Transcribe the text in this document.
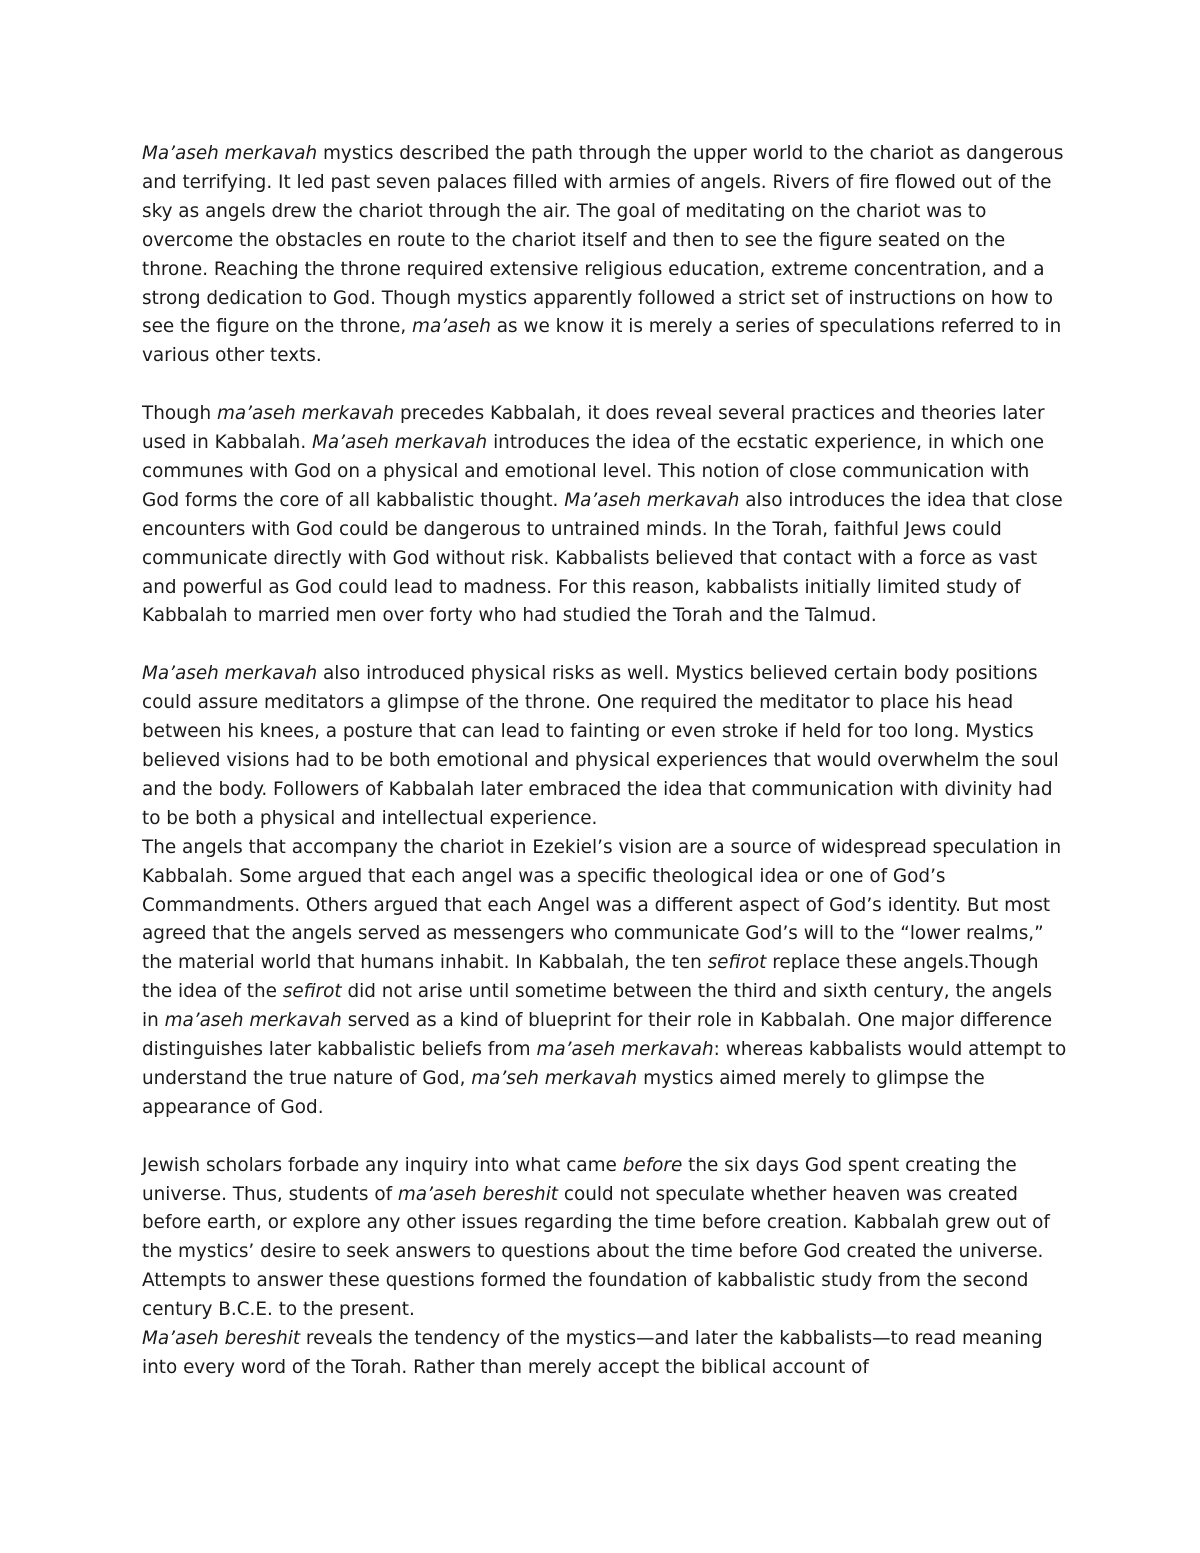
Ma’aseh merkavah mystics described the path through the upper world to the chariot as dangerous and terrifying. It led past seven palaces filled with armies of angels. Rivers of fire flowed out of the sky as angels drew the chariot through the air. The goal of meditating on the chariot was to overcome the obstacles en route to the chariot itself and then to see the figure seated on the throne. Reaching the throne required extensive religious education, extreme concentration, and a strong dedication to God. Though mystics apparently followed a strict set of instructions on how to see the figure on the throne, ma’aseh as we know it is merely a series of speculations referred to in various other texts.

Though ma’aseh merkavah precedes Kabbalah, it does reveal several practices and theories later used in Kabbalah. Ma’aseh merkavah introduces the idea of the ecstatic experience, in which one communes with God on a physical and emotional level. This notion of close communication with God forms the core of all kabbalistic thought. Ma’aseh merkavah also introduces the idea that close encounters with God could be dangerous to untrained minds. In the Torah, faithful Jews could communicate directly with God without risk. Kabbalists believed that contact with a force as vast and powerful as God could lead to madness. For this reason, kabbalists initially limited study of Kabbalah to married men over forty who had studied the Torah and the Talmud.

Ma’aseh merkavah also introduced physical risks as well. Mystics believed certain body positions could assure meditators a glimpse of the throne. One required the meditator to place his head between his knees, a posture that can lead to fainting or even stroke if held for too long. Mystics believed visions had to be both emotional and physical experiences that would overwhelm the soul and the body. Followers of Kabbalah later embraced the idea that communication with divinity had to be both a physical and intellectual experience.

The angels that accompany the chariot in Ezekiel’s vision are a source of widespread speculation in Kabbalah. Some argued that each angel was a specific theological idea or one of God’s Commandments. Others argued that each Angel was a different aspect of God’s identity. But most agreed that the angels served as messengers who communicate God’s will to the “lower realms,” the material world that humans inhabit. In Kabbalah, the ten sefirot replace these angels.Though the idea of the sefirot did not arise until sometime between the third and sixth century, the angels in ma’aseh merkavah served as a kind of blueprint for their role in Kabbalah. One major difference distinguishes later kabbalistic beliefs from ma’aseh merkavah: whereas kabbalists would attempt to understand the true nature of God, ma’seh merkavah mystics aimed merely to glimpse the appearance of God.

Jewish scholars forbade any inquiry into what came before the six days God spent creating the universe. Thus, students of ma’aseh bereshit could not speculate whether heaven was created before earth, or explore any other issues regarding the time before creation. Kabbalah grew out of the mystics’ desire to seek answers to questions about the time before God created the universe. Attempts to answer these questions formed the foundation of kabbalistic study from the second century B.C.E. to the present.

Ma’aseh bereshit reveals the tendency of the mystics—and later the kabbalists—to read meaning into every word of the Torah. Rather than merely accept the biblical account of
